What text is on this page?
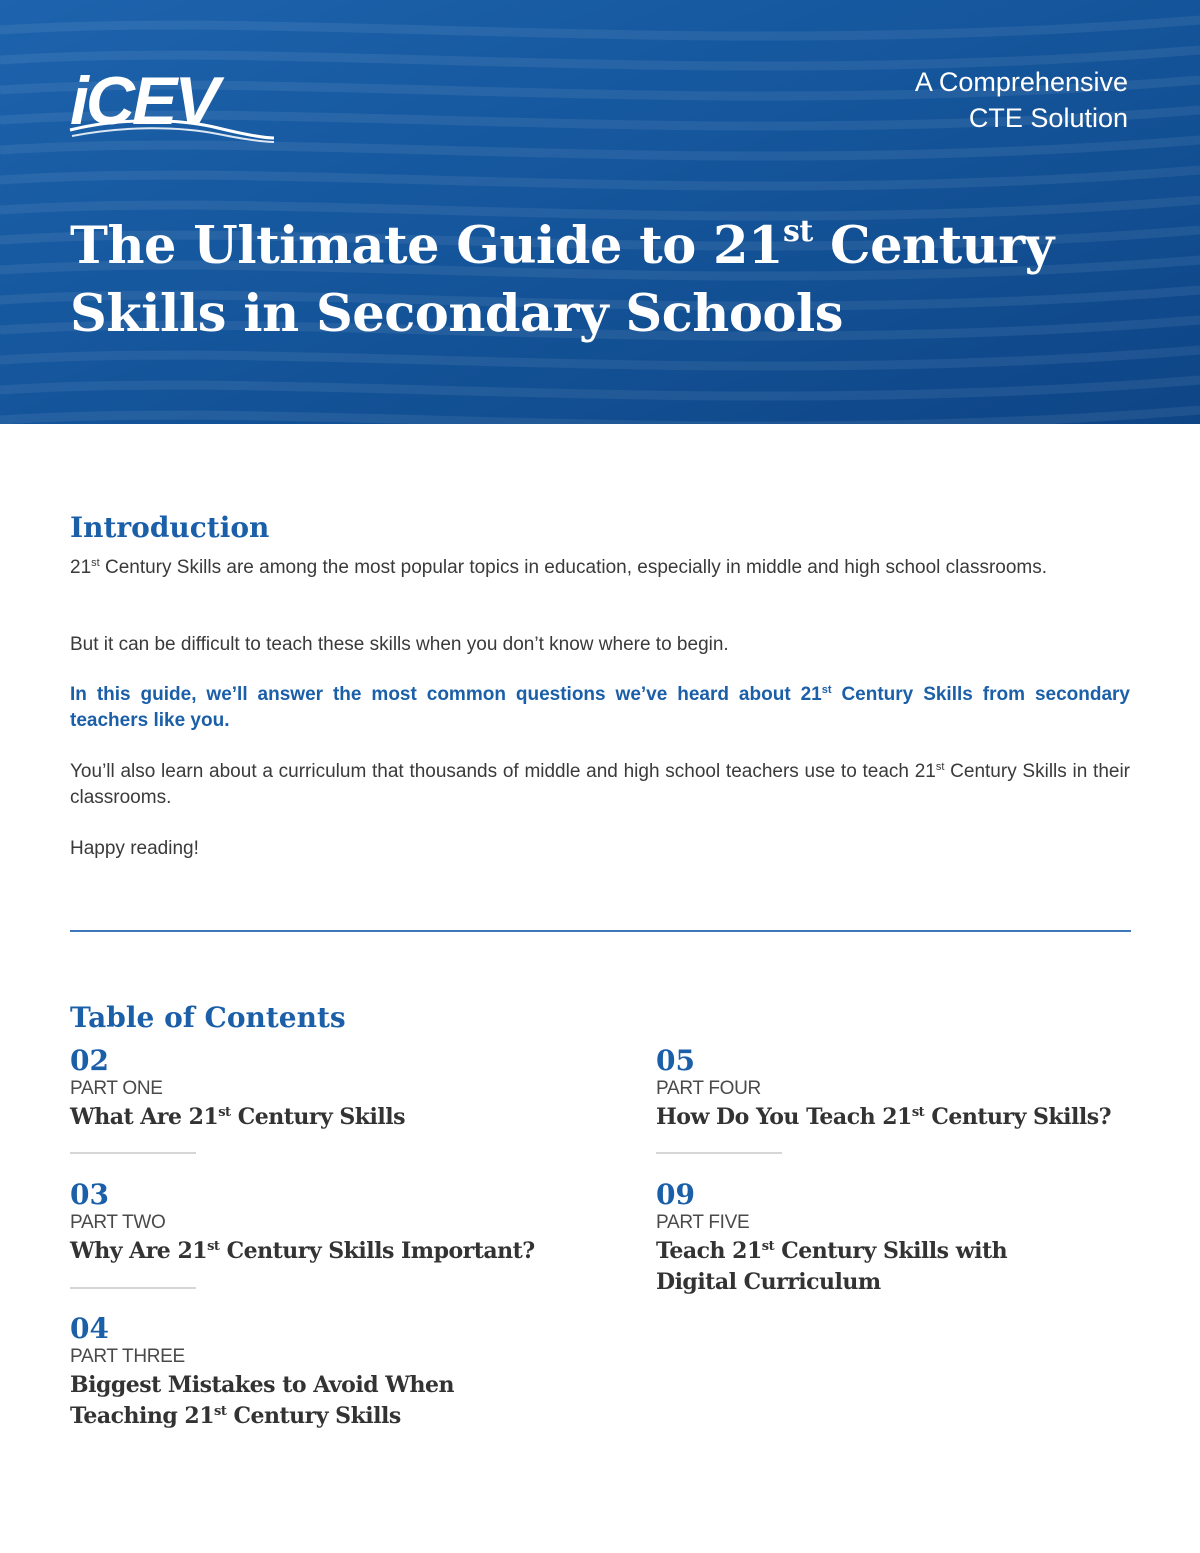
iCEV	A Comprehensive
CTE Solution
The Ultimate Guide to 21st Century
Skills in Secondary Schools
Introduction

21st Century Skills are among the most popular topics in education, especially in middle and high school classrooms.

But it can be difficult to teach these skills when you don’t know where to begin.

In this guide, we’ll answer the most common questions we’ve heard about 21st Century Skills from secondary teachers like you.

You’ll also learn about a curriculum that thousands of middle and high school teachers use to teach 21st Century Skills in their classrooms.

Happy reading!

Table of Contents
02
PART ONE
What Are 21st Century Skills
03
PART TWO
Why Are 21st Century Skills Important?
04
PART THREE
Biggest Mistakes to Avoid When
Teaching 21st Century Skills
05
PART FOUR
How Do You Teach 21st Century Skills?
09
PART FIVE
Teach 21st Century Skills with
Digital Curriculum
